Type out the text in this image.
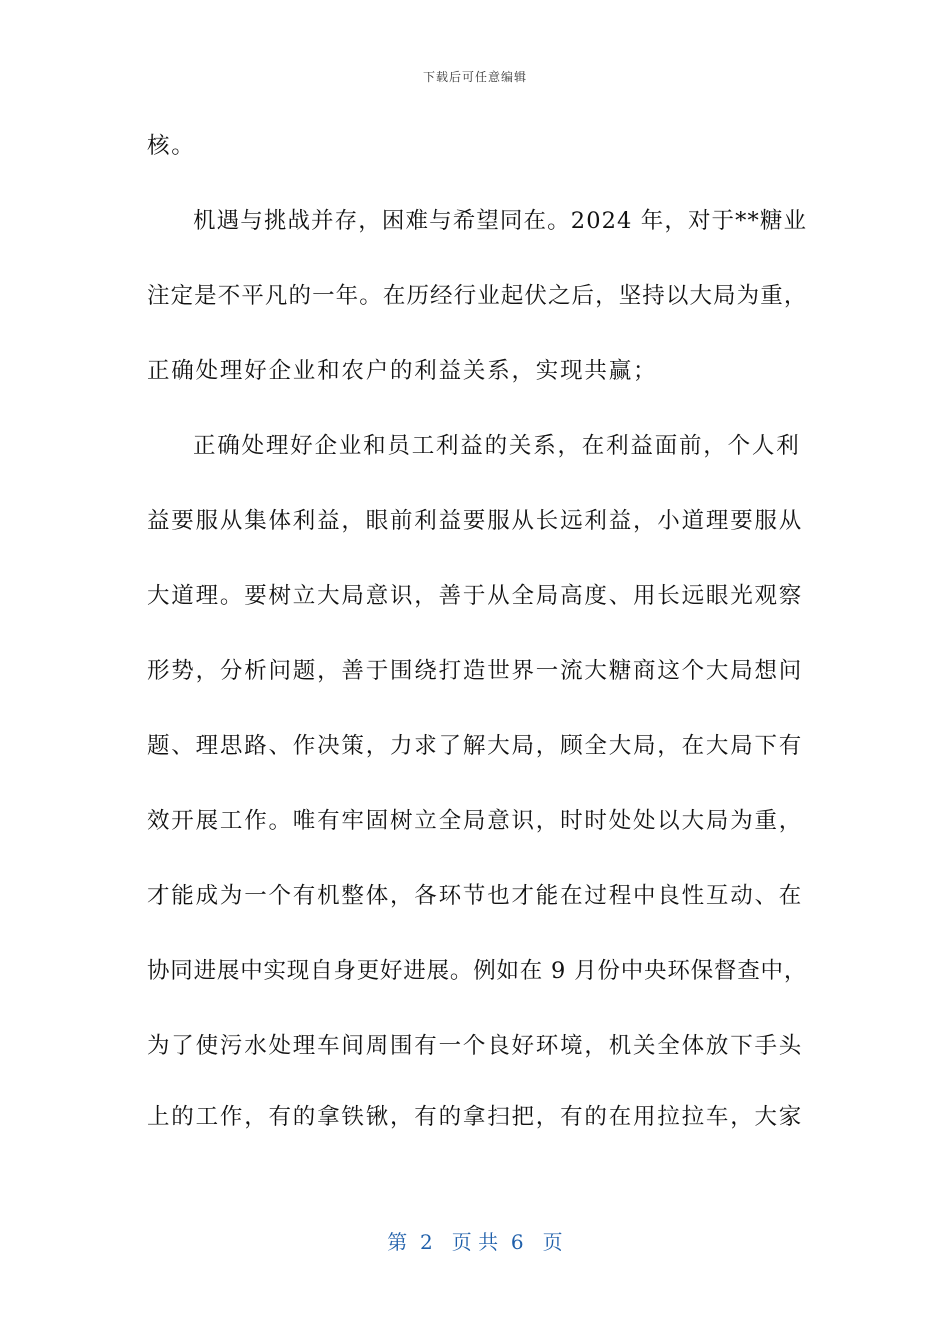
下载后可任意编辑
核。
机遇与挑战并存，困难与希望同在。2024 年，对于**糖业
注定是不平凡的一年。在历经行业起伏之后，坚持以大局为重，
正确处理好企业和农户的利益关系，实现共赢；
正确处理好企业和员工利益的关系，在利益面前，个人利
益要服从集体利益，眼前利益要服从长远利益，小道理要服从
大道理。要树立大局意识，善于从全局高度、用长远眼光观察
形势，分析问题，善于围绕打造世界一流大糖商这个大局想问
题、理思路、作决策，力求了解大局，顾全大局，在大局下有
效开展工作。唯有牢固树立全局意识，时时处处以大局为重，
才能成为一个有机整体，各环节也才能在过程中良性互动、在
协同进展中实现自身更好进展。例如在 9 月份中央环保督查中，
为了使污水处理车间周围有一个良好环境，机关全体放下手头
上的工作，有的拿铁锹，有的拿扫把，有的在用拉拉车，大家
第  2   页 共  6   页
